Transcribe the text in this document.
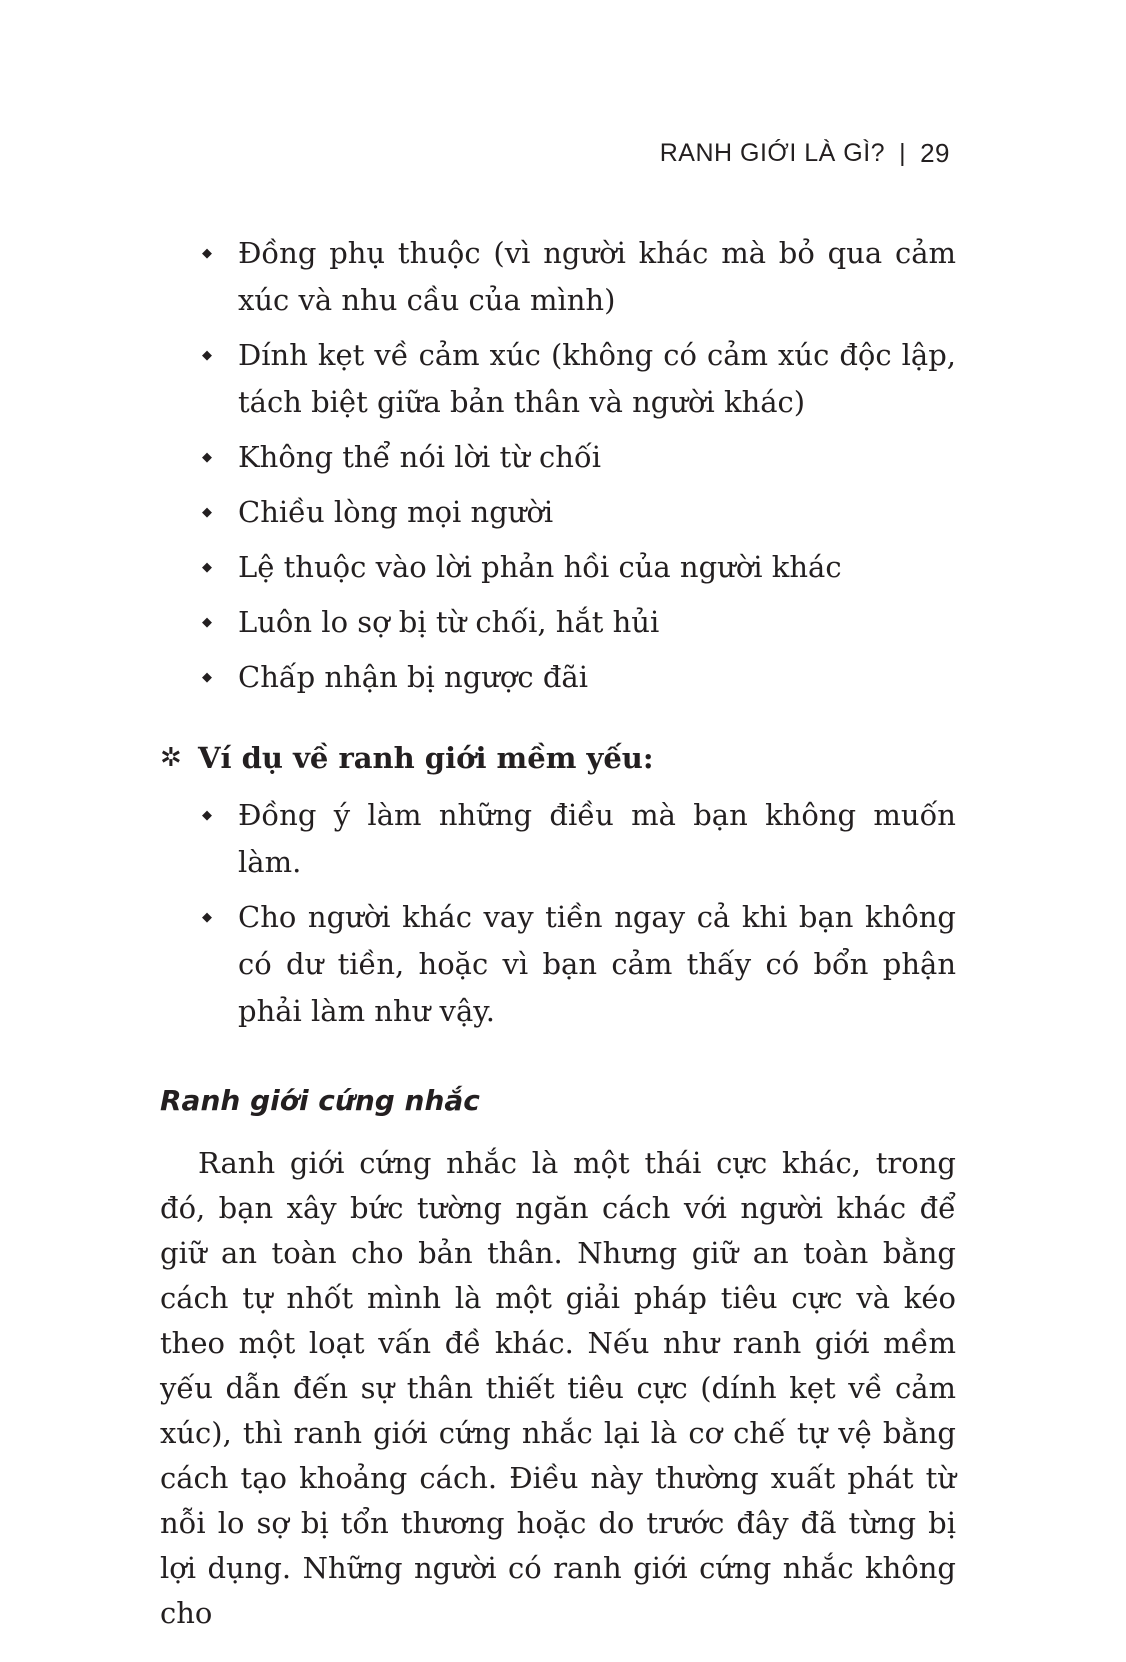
RANH GIỚI LÀ GÌ? | 29
◆ Đồng phụ thuộc (vì người khác mà bỏ qua cảm xúc và nhu cầu của mình)
◆ Dính kẹt về cảm xúc (không có cảm xúc độc lập, tách biệt giữa bản thân và người khác)
◆ Không thể nói lời từ chối
◆ Chiều lòng mọi người
◆ Lệ thuộc vào lời phản hồi của người khác
◆ Luôn lo sợ bị từ chối, hắt hủi
◆ Chấp nhận bị ngược đãi
✲ Ví dụ về ranh giới mềm yếu:
◆ Đồng ý làm những điều mà bạn không muốn làm.
◆ Cho người khác vay tiền ngay cả khi bạn không có dư tiền, hoặc vì bạn cảm thấy có bổn phận phải làm như vậy.
Ranh giới cứng nhắc

Ranh giới cứng nhắc là một thái cực khác, trong đó, bạn xây bức tường ngăn cách với người khác để giữ an toàn cho bản thân. Nhưng giữ an toàn bằng cách tự nhốt mình là một giải pháp tiêu cực và kéo theo một loạt vấn đề khác. Nếu như ranh giới mềm yếu dẫn đến sự thân thiết tiêu cực (dính kẹt về cảm xúc), thì ranh giới cứng nhắc lại là cơ chế tự vệ bằng cách tạo khoảng cách. Điều này thường xuất phát từ nỗi lo sợ bị tổn thương hoặc do trước đây đã từng bị lợi dụng. Những người có ranh giới cứng nhắc không cho
